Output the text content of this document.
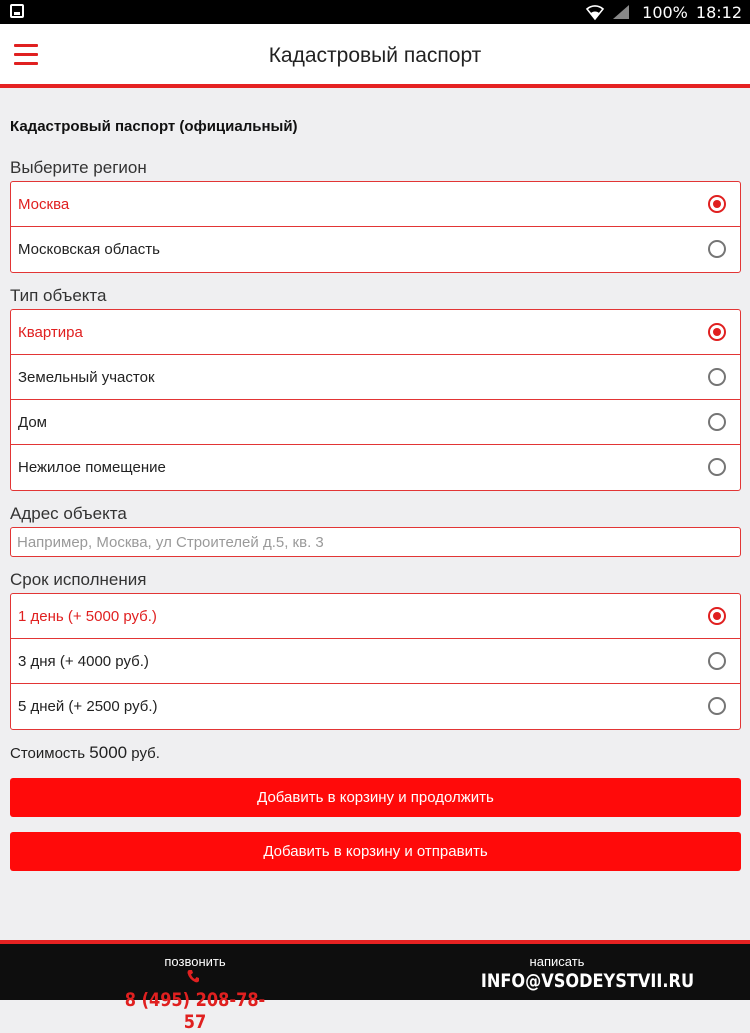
100% 18:12
Кадастровый паспорт
Кадастровый паспорт (официальный)
Выберите регион
Москва
Московская область
Тип объекта
Квартира
Земельный участок
Дом
Нежилое помещение
Адрес объекта
Например, Москва, ул Строителей д.5, кв. 3
Срок исполнения
1 день (+ 5000 руб.)
3 дня (+ 4000 руб.)
5 дней (+ 2500 руб.)
Стоимость 5000 руб.
Добавить в корзину и продолжить
Добавить в корзину и отправить
позвонить
8 (495) 208-78-57
написать
INFO@VSODEYSTVII.RU
